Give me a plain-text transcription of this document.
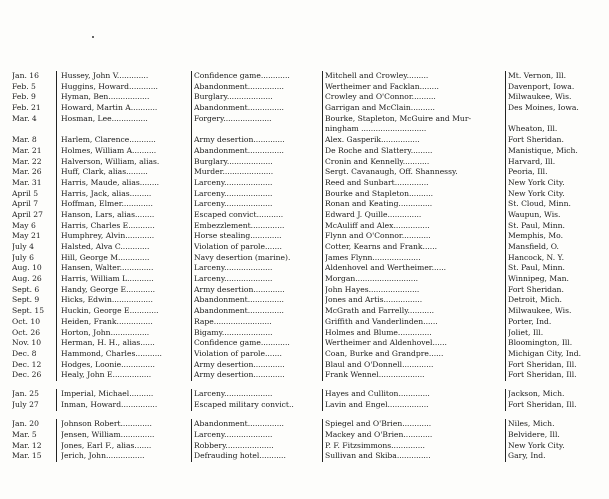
Jan. 16	Hussey, John V.............	Confidence game............	Mitchell and Crowley.........	Mt. Vernon, Ill.
Feb. 5	Huggins, Howard............	Abandonment...............	Wertheimer and Facklan........	Davenport, Iowa.
Feb. 9	Hyman, Ben.................	Burglary...................	Crowley and O'Connor..........	Milwaukee, Wis.
Feb. 21	Howard, Martin A...........	Abandonment...............	Garrigan and McClain..........	Des Moines, Iowa.
Mar. 4	Hosman, Lee...............	Forgery....................	Bourke, Stapleton, McGuire and Mur-
ningham ...........................	Wheaton, Ill.
Mar. 8	Harlem, Clarence...........	Army desertion.............	Alex. Gasperik................	Fort Sheridan.
Mar. 21	Holmes, William A..........	Abandonment...............	De Roche and Slattery.........	Manistique, Mich.
Mar. 22	Halverson, William, alias.	Burglary...................	Cronin and Kennelly...........	Harvard, Ill.
Mar. 26	Huff, Clark, alias.........	Murder.....................	Sergt. Cavanaugh, Off. Shannessy.	Peoria, Ill.
Mar. 31	Harris, Maude, alias........	Larceny....................	Reed and Sunbart..............	New York City.
April 5	Harris, Jack, alias.........	Larceny....................	Bourke and Stapleton..........	New York City.
April 7	Hoffman, Elmer.............	Larceny....................	Ronan and Keating..............	St. Cloud, Minn.
April 27	Hanson, Lars, alias........	Escaped convict...........	Edward J. Quille..............	Waupun, Wis.
May 6	Harris, Charles E...........	Embezzlement..............	McAuliff and Alex...............	St. Paul, Minn.
May 21	Humphrey, Alvin............	Horse stealing.............	Flynn and O'Connor............	Memphis, Mo.
July 4	Halsted, Alva C............	Violation of parole.......	Cotter, Kearns and Frank......	Mansfield, O.
July 6	Hill, George M.............	Navy desertion (marine).	James Flynn....................	Hancock, N. Y.
Aug. 10	Hansen, Walter..............	Larceny....................	Aldenhovel and Wertheimer......	St. Paul, Minn.
Aug. 26	Harris, William L...........	Larceny....................	Morgan..........................	Winnipeg, Man.
Sept. 6	Handy, George E............	Army desertion.............	John Hayes.....................	Fort Sheridan.
Sept. 9	Hicks, Edwin.................	Abandonment...............	Jones and Artis................	Detroit, Mich.
Sept. 15	Huckin, George E............	Abandonment...............	McGrath and Farrelly...........	Milwaukee, Wis.
Oct. 10	Heiden, Frank...............	Rape........................	Griffith and Vanderlinden......	Porter, Ind.
Oct. 26	Horton, John................	Bigamy.....................	Holmes and Blume..............	Joliet, Ill.
Nov. 10	Herman, H. H., alias......	Confidence game............	Wertheimer and Aldenhovel......	Bloomington, Ill.
Dec. 8	Hammond, Charles...........	Violation of parole.......	Coan, Burke and Grandpre......	Michigan City, Ind.
Dec. 12	Hodges, Loonie..............	Army desertion.............	Blaul and O'Donnell.............	Fort Sheridan, Ill.
Dec. 26	Healy, John E................	Army desertion.............	Frank Wennel...................	Fort Sheridan, Ill.
Jan. 25	Imperial, Michael..........	Larceny....................	Hayes and Culliton.............	Jackson, Mich.
July 27	Inman, Howard...............	Escaped military convict..	Lavin and Engel.................	Fort Sheridan, Ill.
Jan. 20	Johnson Robert.............	Abandonment...............	Spiegel and O'Brien............	Niles, Mich.
Mar. 5	Jensen, William..............	Larceny....................	Mackey and O'Brien............	Belvidere, Ill.
Mar. 12	Jones, Earl F., alias.......	Robbery....................	P. F. Fitzsimmons..............	New York City.
Mar. 15	Jerich, John................	Defrauding hotel...........	Sullivan and Skiba..............	Gary, Ind.
